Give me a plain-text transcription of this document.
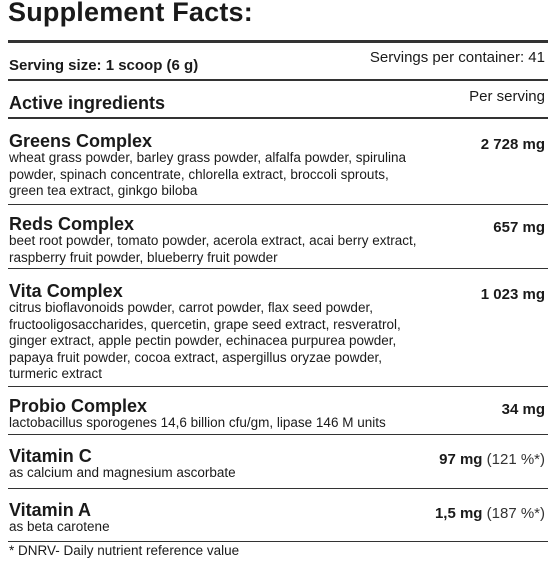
Supplement Facts:
Serving size: 1 scoop (6 g)	Servings per container: 41
Active ingredients	Per serving
Greens Complex
wheat grass powder, barley grass powder, alfalfa powder, spirulina powder, spinach concentrate, chlorella extract, broccoli sprouts, green tea extract, ginkgo biloba
2 728 mg
Reds Complex
beet root powder, tomato powder, acerola extract, acai berry extract, raspberry fruit powder, blueberry fruit powder
657 mg
Vita Complex
citrus bioflavonoids powder, carrot powder, flax seed powder, fructooligosaccharides, quercetin, grape seed extract, resveratrol, ginger extract, apple pectin powder, echinacea purpurea powder, papaya fruit powder, cocoa extract, aspergillus oryzae powder, turmeric extract
1 023 mg
Probio Complex
lactobacillus sporogenes 14,6 billion cfu/gm, lipase 146 M units
34 mg
Vitamin C
as calcium and magnesium ascorbate
97 mg (121 %*)
Vitamin A
as beta carotene
1,5 mg (187 %*)
* DNRV- Daily nutrient reference value
